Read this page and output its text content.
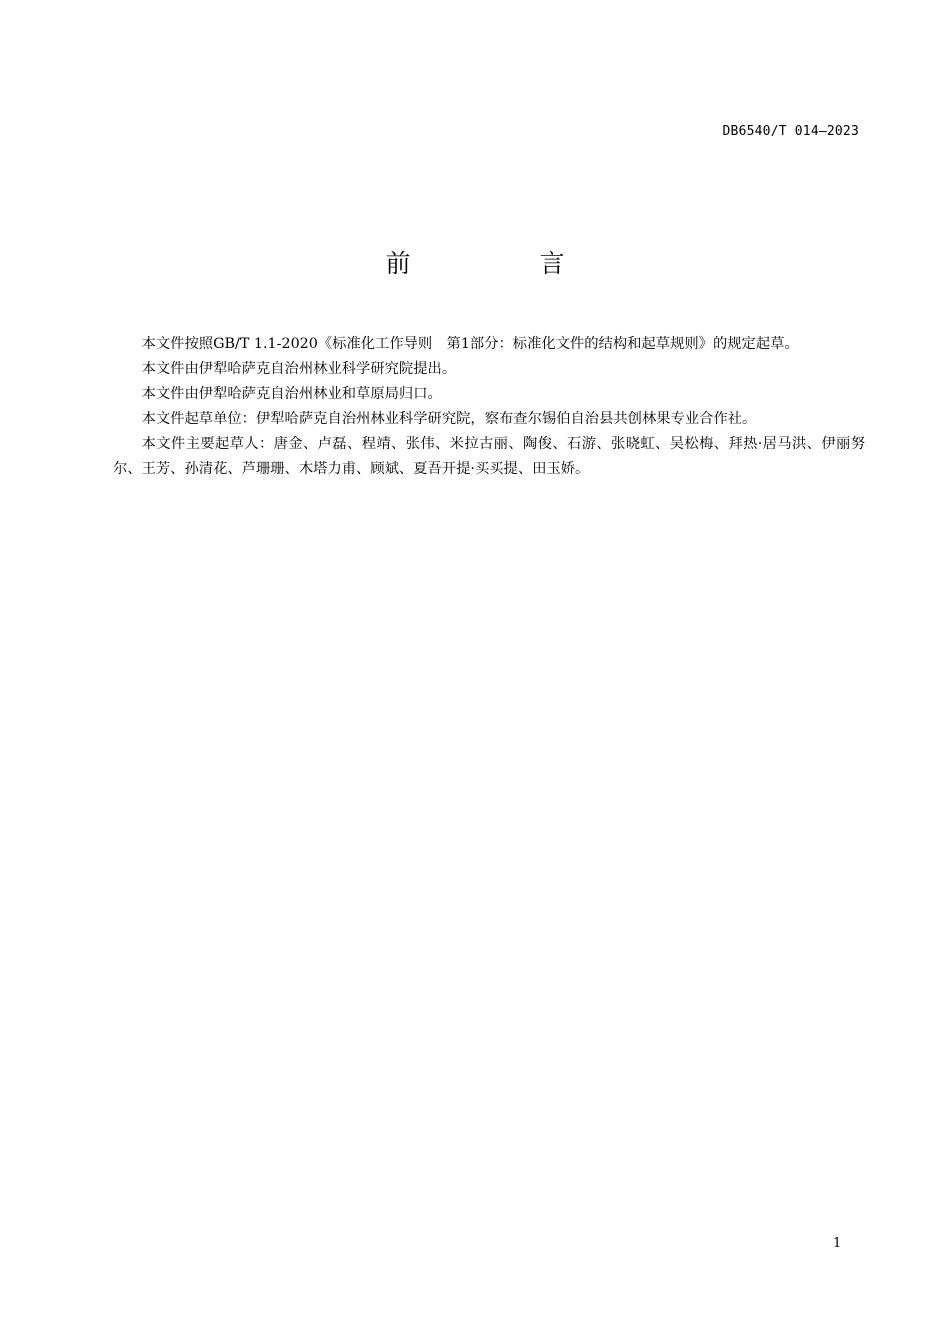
DB6540/T 014—2023
前　言

本文件按照GB/T 1.1-2020《标准化工作导则　第1部分：标准化文件的结构和起草规则》的规定起草。

本文件由伊犁哈萨克自治州林业科学研究院提出。

本文件由伊犁哈萨克自治州林业和草原局归口。

本文件起草单位：伊犁哈萨克自治州林业科学研究院，察布查尔锡伯自治县共创林果专业合作社。

本文件主要起草人：唐金、卢磊、程靖、张伟、米拉古丽、陶俊、石游、张晓虹、吴松梅、拜热·居马洪、伊丽努尔、王芳、孙清花、芦珊珊、木塔力甫、顾斌、夏吾开提·买买提、田玉娇。

1
